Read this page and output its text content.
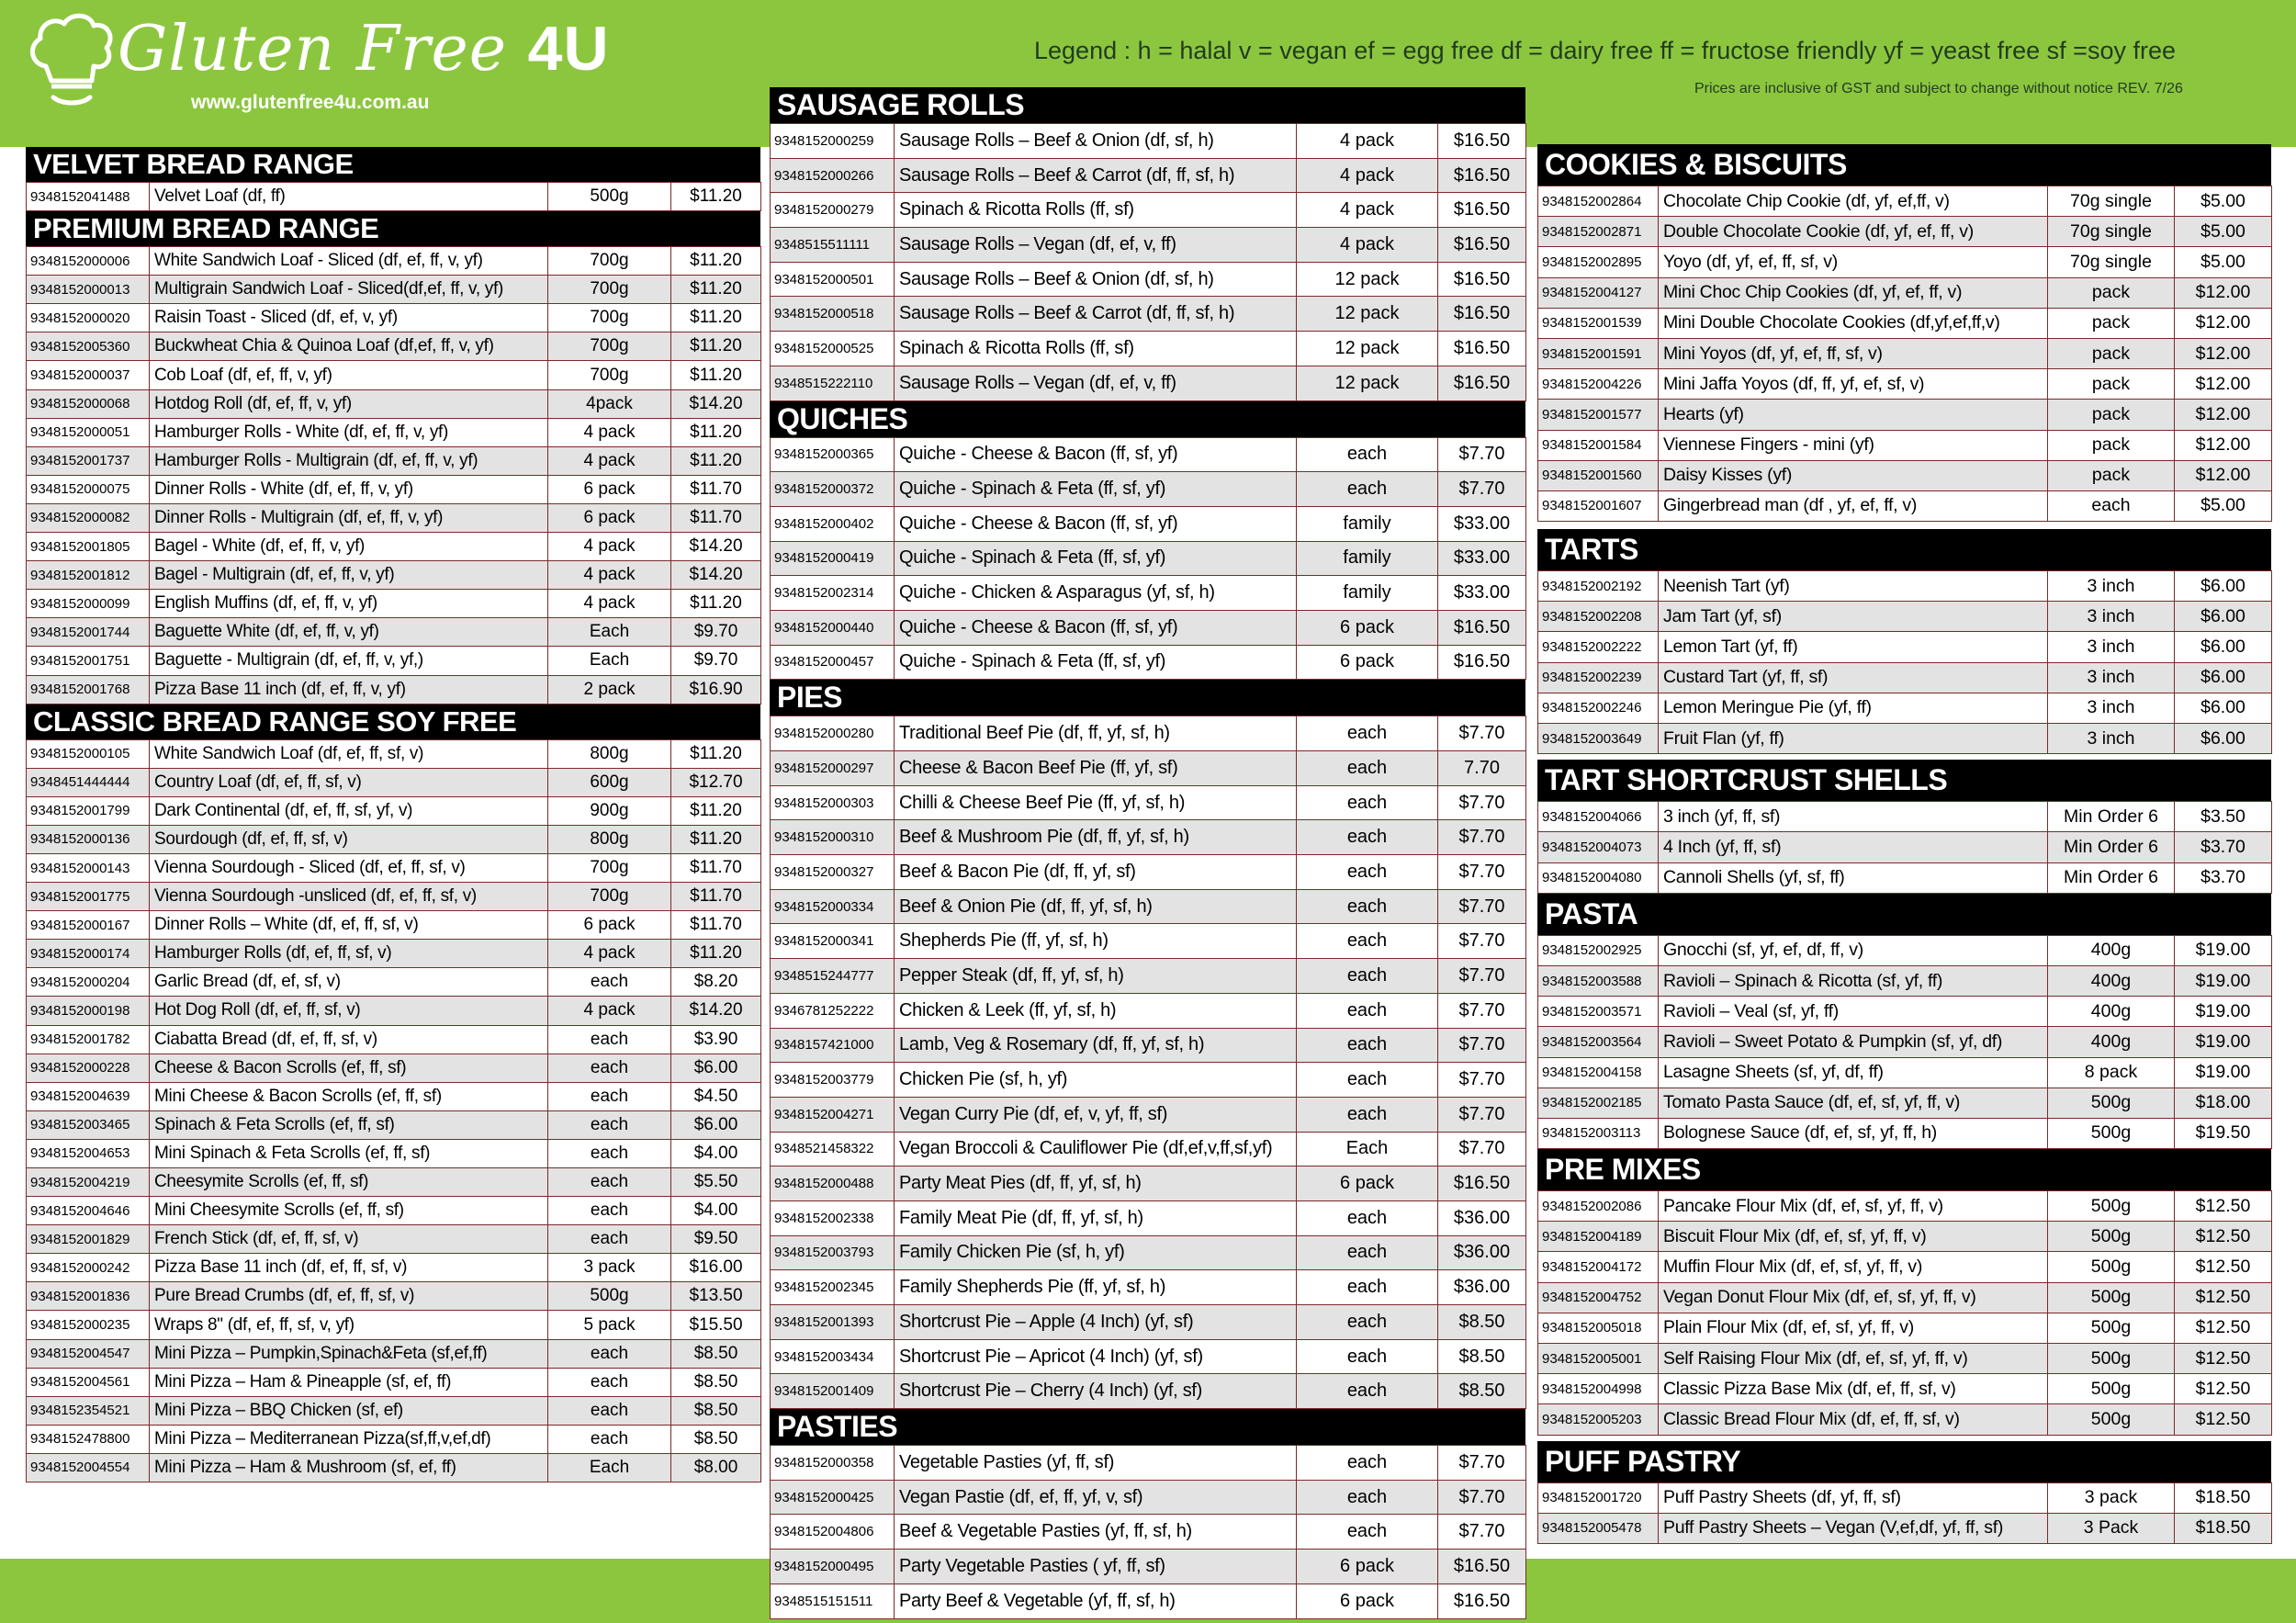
Gluten Free 4U
www.glutenfree4u.com.au
Legend : h = halal v = vegan ef = egg free df = dairy free ff = fructose friendly yf = yeast free sf =soy free
Prices are inclusive of GST and subject to change without notice REV. 7/26
VELVET BREAD RANGE
9348152041488	Velvet Loaf (df, ff)	500g	$11.20
PREMIUM BREAD RANGE
9348152000006	White Sandwich Loaf - Sliced (df, ef, ff, v, yf)	700g	$11.20
9348152000013	Multigrain Sandwich Loaf - Sliced(df,ef, ff, v, yf)	700g	$11.20
9348152000020	Raisin Toast - Sliced (df, ef, v, yf)	700g	$11.20
9348152005360	Buckwheat Chia & Quinoa Loaf (df,ef, ff, v, yf)	700g	$11.20
9348152000037	Cob Loaf (df, ef, ff, v, yf)	700g	$11.20
9348152000068	Hotdog Roll (df, ef, ff, v, yf)	4pack	$14.20
9348152000051	Hamburger Rolls - White (df, ef, ff, v, yf)	4 pack	$11.20
9348152001737	Hamburger Rolls - Multigrain (df, ef, ff, v, yf)	4 pack	$11.20
9348152000075	Dinner Rolls - White (df, ef, ff, v, yf)	6 pack	$11.70
9348152000082	Dinner Rolls - Multigrain (df, ef, ff, v, yf)	6 pack	$11.70
9348152001805	Bagel - White (df, ef, ff, v, yf)	4 pack	$14.20
9348152001812	Bagel - Multigrain (df, ef, ff, v, yf)	4 pack	$14.20
9348152000099	English Muffins (df, ef, ff, v, yf)	4 pack	$11.20
9348152001744	Baguette White (df, ef, ff, v, yf)	Each	$9.70
9348152001751	Baguette - Multigrain (df, ef, ff, v, yf,)	Each	$9.70
9348152001768	Pizza Base 11 inch (df, ef, ff, v, yf)	2 pack	$16.90
CLASSIC BREAD RANGE SOY FREE
9348152000105	White Sandwich Loaf (df, ef, ff, sf, v)	800g	$11.20
9348451444444	Country Loaf (df, ef, ff, sf, v)	600g	$12.70
9348152001799	Dark Continental (df, ef, ff, sf, yf, v)	900g	$11.20
9348152000136	Sourdough (df, ef, ff, sf, v)	800g	$11.20
9348152000143	Vienna Sourdough - Sliced (df, ef, ff, sf, v)	700g	$11.70
9348152001775	Vienna Sourdough -unsliced (df, ef, ff, sf, v)	700g	$11.70
9348152000167	Dinner Rolls – White (df, ef, ff, sf, v)	6 pack	$11.70
9348152000174	Hamburger Rolls (df, ef, ff, sf, v)	4 pack	$11.20
9348152000204	Garlic Bread (df, ef, sf, v)	each	$8.20
9348152000198	Hot Dog Roll (df, ef, ff, sf, v)	4 pack	$14.20
9348152001782	Ciabatta Bread (df, ef, ff, sf, v)	each	$3.90
9348152000228	Cheese & Bacon Scrolls (ef, ff, sf)	each	$6.00
9348152004639	Mini Cheese & Bacon Scrolls (ef, ff, sf)	each	$4.50
9348152003465	Spinach & Feta Scrolls (ef, ff, sf)	each	$6.00
9348152004653	Mini Spinach & Feta Scrolls (ef, ff, sf)	each	$4.00
9348152004219	Cheesymite Scrolls (ef, ff, sf)	each	$5.50
9348152004646	Mini Cheesymite Scrolls (ef, ff, sf)	each	$4.00
9348152001829	French Stick (df, ef, ff, sf, v)	each	$9.50
9348152000242	Pizza Base 11 inch (df, ef, ff, sf, v)	3 pack	$16.00
9348152001836	Pure Bread Crumbs (df, ef, ff, sf, v)	500g	$13.50
9348152000235	Wraps 8" (df, ef, ff, sf, v, yf)	5 pack	$15.50
9348152004547	Mini Pizza – Pumpkin,Spinach&Feta (sf,ef,ff)	each	$8.50
9348152004561	Mini Pizza – Ham & Pineapple (sf, ef, ff)	each	$8.50
9348152354521	Mini Pizza – BBQ Chicken (sf, ef)	each	$8.50
9348152478800	Mini Pizza – Mediterranean Pizza(sf,ff,v,ef,df)	each	$8.50
9348152004554	Mini Pizza – Ham & Mushroom (sf, ef, ff)	Each	$8.00
SAUSAGE ROLLS
9348152000259	Sausage Rolls – Beef & Onion (df, sf, h)	4 pack	$16.50
9348152000266	Sausage Rolls – Beef & Carrot (df, ff, sf, h)	4 pack	$16.50
9348152000279	Spinach & Ricotta Rolls (ff, sf)	4 pack	$16.50
9348515511111	Sausage Rolls – Vegan (df, ef, v, ff)	4 pack	$16.50
9348152000501	Sausage Rolls – Beef & Onion (df, sf, h)	12 pack	$16.50
9348152000518	Sausage Rolls – Beef & Carrot (df, ff, sf, h)	12 pack	$16.50
9348152000525	Spinach & Ricotta Rolls (ff, sf)	12 pack	$16.50
9348515222110	Sausage Rolls – Vegan (df, ef, v, ff)	12 pack	$16.50
QUICHES
9348152000365	Quiche - Cheese & Bacon (ff, sf, yf)	each	$7.70
9348152000372	Quiche - Spinach & Feta (ff, sf, yf)	each	$7.70
9348152000402	Quiche - Cheese & Bacon (ff, sf, yf)	family	$33.00
9348152000419	Quiche - Spinach & Feta (ff, sf, yf)	family	$33.00
9348152002314	Quiche - Chicken & Asparagus (yf, sf, h)	family	$33.00
9348152000440	Quiche - Cheese & Bacon (ff, sf, yf)	6 pack	$16.50
9348152000457	Quiche - Spinach & Feta (ff, sf, yf)	6 pack	$16.50
PIES
9348152000280	Traditional Beef Pie (df, ff, yf, sf, h)	each	$7.70
9348152000297	Cheese & Bacon Beef Pie (ff, yf, sf)	each	7.70
9348152000303	Chilli & Cheese Beef Pie (ff, yf, sf, h)	each	$7.70
9348152000310	Beef & Mushroom Pie (df, ff, yf, sf, h)	each	$7.70
9348152000327	Beef & Bacon Pie (df, ff, yf, sf)	each	$7.70
9348152000334	Beef & Onion Pie (df, ff, yf, sf, h)	each	$7.70
9348152000341	Shepherds Pie (ff, yf, sf, h)	each	$7.70
9348515244777	Pepper Steak (df, ff, yf, sf, h)	each	$7.70
9346781252222	Chicken & Leek (ff, yf, sf, h)	each	$7.70
9348157421000	Lamb, Veg & Rosemary (df, ff, yf, sf, h)	each	$7.70
9348152003779	Chicken Pie (sf, h, yf)	each	$7.70
9348152004271	Vegan Curry Pie (df, ef, v, yf, ff, sf)	each	$7.70
9348521458322	Vegan Broccoli & Cauliflower Pie (df,ef,v,ff,sf,yf)	Each	$7.70
9348152000488	Party Meat Pies (df, ff, yf, sf, h)	6 pack	$16.50
9348152002338	Family Meat Pie (df, ff, yf, sf, h)	each	$36.00
9348152003793	Family Chicken Pie (sf, h, yf)	each	$36.00
9348152002345	Family Shepherds Pie (ff, yf, sf, h)	each	$36.00
9348152001393	Shortcrust Pie – Apple (4 Inch) (yf, sf)	each	$8.50
9348152003434	Shortcrust Pie – Apricot (4 Inch) (yf, sf)	each	$8.50
9348152001409	Shortcrust Pie – Cherry (4 Inch) (yf, sf)	each	$8.50
PASTIES
9348152000358	Vegetable Pasties (yf, ff, sf)	each	$7.70
9348152000425	Vegan Pastie (df, ef, ff, yf, v, sf)	each	$7.70
9348152004806	Beef & Vegetable Pasties (yf, ff, sf, h)	each	$7.70
9348152000495	Party Vegetable Pasties ( yf, ff, sf)	6 pack	$16.50
9348515151511	Party Beef & Vegetable (yf, ff, sf, h)	6 pack	$16.50
COOKIES & BISCUITS
9348152002864	Chocolate Chip Cookie (df, yf, ef,ff, v)	70g single	$5.00
9348152002871	Double Chocolate Cookie (df, yf, ef, ff, v)	70g single	$5.00
9348152002895	Yoyo (df, yf, ef, ff, sf, v)	70g single	$5.00
9348152004127	Mini Choc Chip Cookies (df, yf, ef, ff, v)	pack	$12.00
9348152001539	Mini Double Chocolate Cookies (df,yf,ef,ff,v)	pack	$12.00
9348152001591	Mini Yoyos (df, yf, ef, ff, sf, v)	pack	$12.00
9348152004226	Mini Jaffa Yoyos (df, ff, yf, ef, sf, v)	pack	$12.00
9348152001577	Hearts (yf)	pack	$12.00
9348152001584	Viennese Fingers - mini (yf)	pack	$12.00
9348152001560	Daisy Kisses (yf)	pack	$12.00
9348152001607	Gingerbread man (df , yf, ef, ff, v)	each	$5.00
TARTS
9348152002192	Neenish Tart (yf)	3 inch	$6.00
9348152002208	Jam Tart (yf, sf)	3 inch	$6.00
9348152002222	Lemon Tart (yf, ff)	3 inch	$6.00
9348152002239	Custard Tart (yf, ff, sf)	3 inch	$6.00
9348152002246	Lemon Meringue Pie (yf, ff)	3 inch	$6.00
9348152003649	Fruit Flan (yf, ff)	3 inch	$6.00
TART SHORTCRUST SHELLS
9348152004066	3 inch (yf, ff, sf)	Min Order 6	$3.50
9348152004073	4 Inch (yf, ff, sf)	Min Order 6	$3.70
9348152004080	Cannoli Shells (yf, sf, ff)	Min Order 6	$3.70
PASTA
9348152002925	Gnocchi (sf, yf, ef, df, ff, v)	400g	$19.00
9348152003588	Ravioli – Spinach & Ricotta (sf, yf, ff)	400g	$19.00
9348152003571	Ravioli – Veal (sf, yf, ff)	400g	$19.00
9348152003564	Ravioli – Sweet Potato & Pumpkin (sf, yf, df)	400g	$19.00
9348152004158	Lasagne Sheets (sf, yf, df, ff)	8 pack	$19.00
9348152002185	Tomato Pasta Sauce (df, ef, sf, yf, ff, v)	500g	$18.00
9348152003113	Bolognese Sauce (df, ef, sf, yf, ff, h)	500g	$19.50
PRE MIXES
9348152002086	Pancake Flour Mix (df, ef, sf, yf, ff, v)	500g	$12.50
9348152004189	Biscuit Flour Mix (df, ef, sf, yf, ff, v)	500g	$12.50
9348152004172	Muffin Flour Mix (df, ef, sf, yf, ff, v)	500g	$12.50
9348152004752	Vegan Donut Flour Mix (df, ef, sf, yf, ff, v)	500g	$12.50
9348152005018	Plain Flour Mix (df, ef, sf, yf, ff, v)	500g	$12.50
9348152005001	Self Raising Flour Mix (df, ef, sf, yf, ff, v)	500g	$12.50
9348152004998	Classic Pizza Base Mix (df, ef, ff, sf, v)	500g	$12.50
9348152005203	Classic Bread Flour Mix (df, ef, ff, sf, v)	500g	$12.50
PUFF PASTRY
9348152001720	Puff Pastry Sheets (df, yf, ff, sf)	3 pack	$18.50
9348152005478	Puff Pastry Sheets – Vegan (V,ef,df, yf, ff, sf)	3 Pack	$18.50
